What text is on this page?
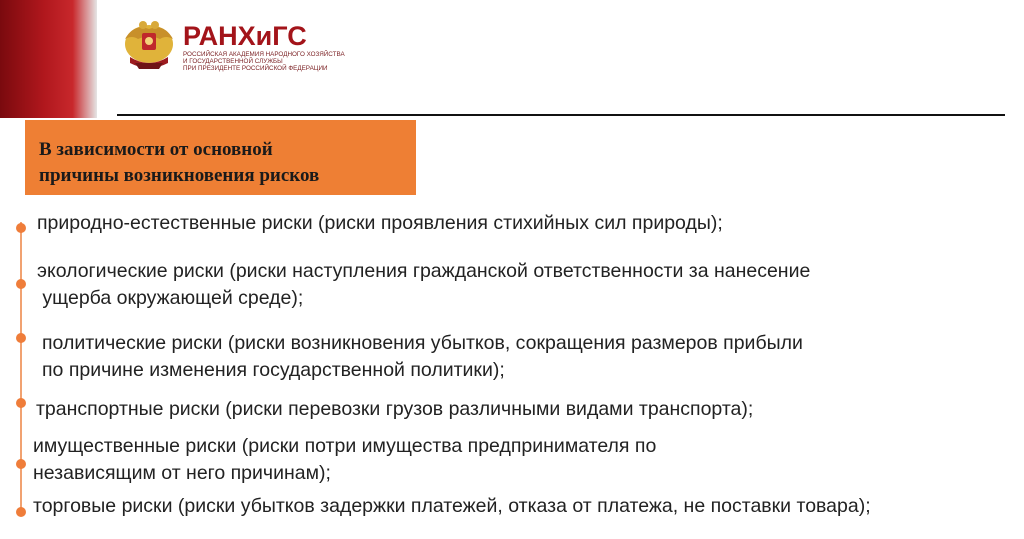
РАНХиГС
РОССИЙСКАЯ АКАДЕМИЯ НАРОДНОГО ХОЗЯЙСТВА
И ГОСУДАРСТВЕННОЙ СЛУЖБЫ
ПРИ ПРЕЗИДЕНТЕ РОССИЙСКОЙ ФЕДЕРАЦИИ
В зависимости от основной
причины возникновения рисков
природно-естественные риски (риски проявления стихийных сил природы);
экологические риски (риски наступления гражданской ответственности за нанесение
ущерба окружающей среде);
политические риски (риски возникновения убытков, сокращения размеров прибыли
по причине изменения государственной политики);
транспортные риски (риски перевозки грузов различными видами транспорта);
имущественные риски (риски потри имущества предпринимателя по
независящим от него причинам);
торговые риски (риски убытков задержки платежей, отказа от платежа, не поставки товара);
